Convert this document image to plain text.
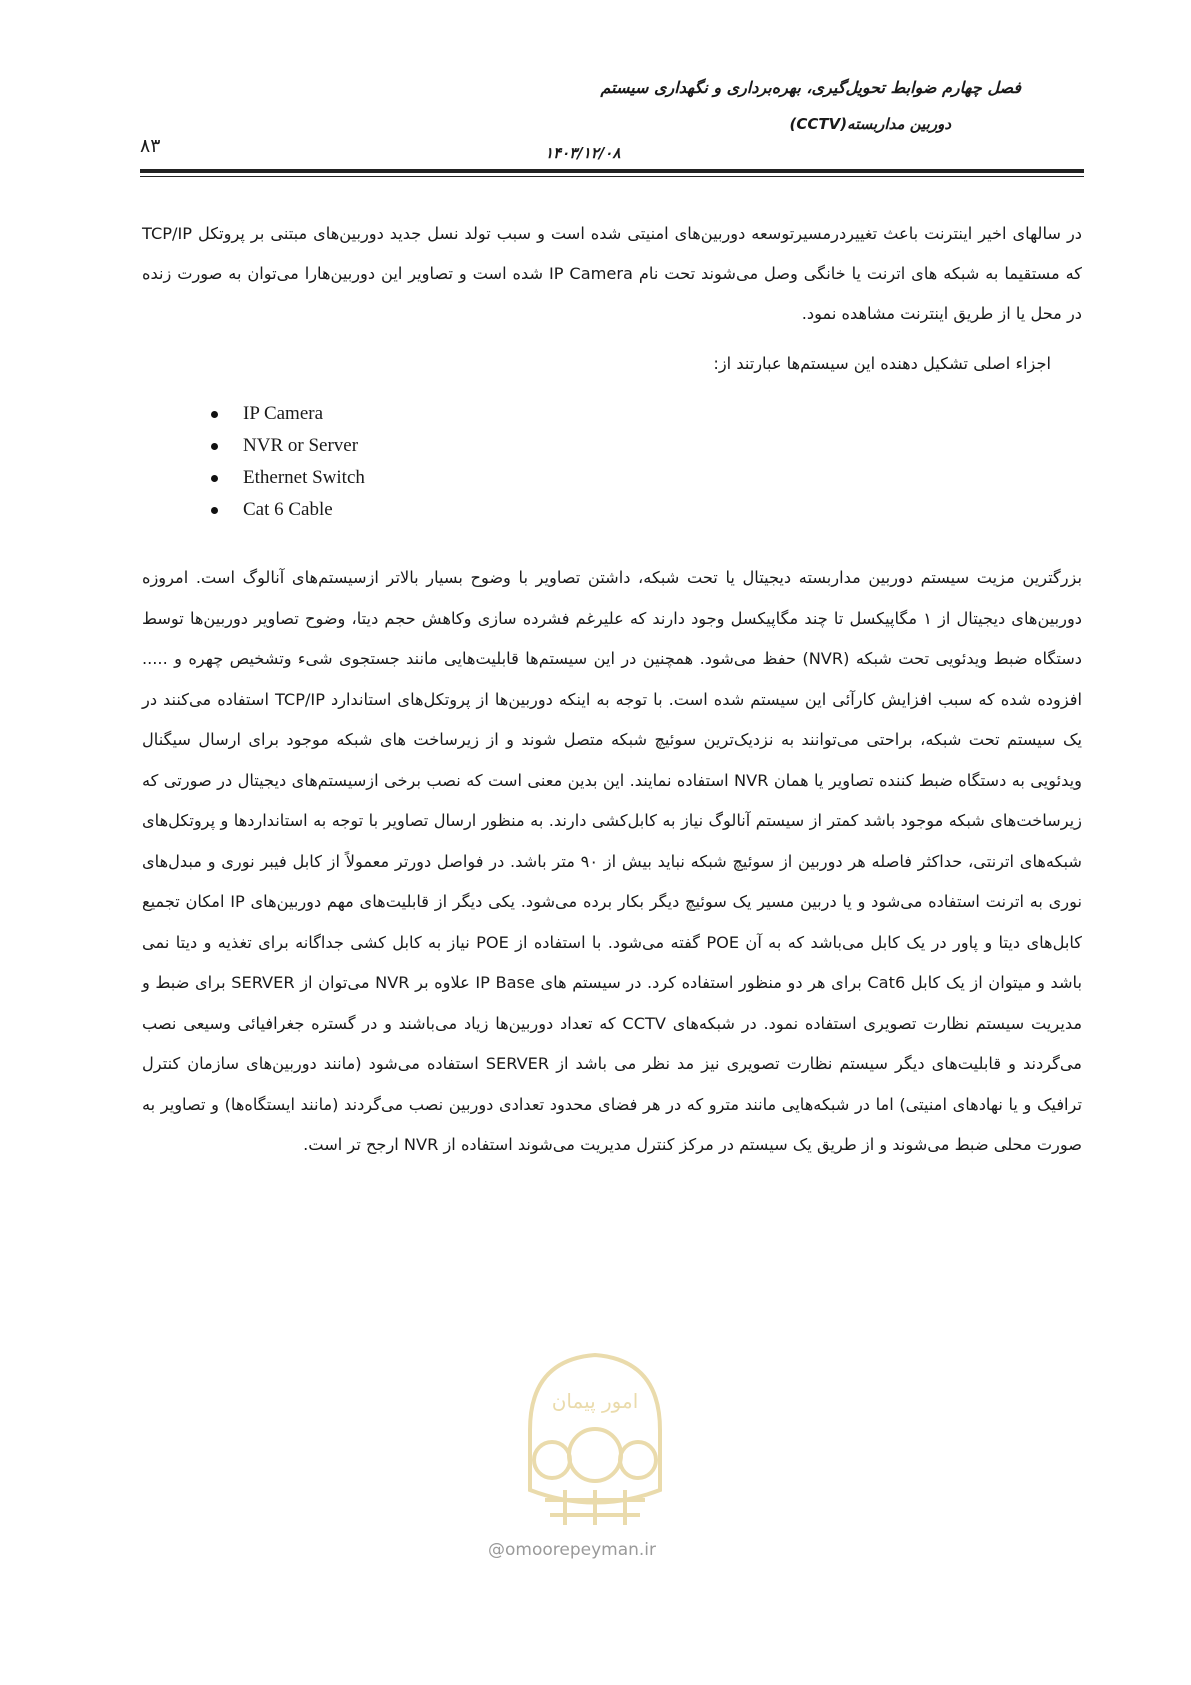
فصل چهارم ضوابط تحویل‌گیری، بهره‌برداری و نگهداری سیستم
دوربین مداربسته(CCTV)
۸۳	۱۴۰۳/۱۲/۰۸

در سالهای اخیر اینترنت باعث تغییردرمسیرتوسعه دوربین‌های امنیتی شده است و سبب تولد نسل جدید دوربین‌های مبتنی بر پروتکل TCP/IP که مستقیما به شبکه های اترنت یا خانگی وصل می‌شوند تحت نام IP Camera شده است و تصاویر این دوربین‌هارا می‌توان به صورت زنده در محل یا از طریق اینترنت مشاهده نمود.

اجزاء اصلی تشکیل دهنده این سیستم‌ها عبارتند از:

IP Camera
NVR or Server
Ethernet Switch
Cat 6 Cable

بزرگترین مزیت سیستم دوربین مداربسته دیجیتال یا تحت شبکه، داشتن تصاویر با وضوح بسیار بالاتر ازسیستم‌های آنالوگ است. امروزه دوربین‌های دیجیتال از ۱ مگاپیکسل تا چند مگاپیکسل وجود دارند که علیرغم فشرده سازی وکاهش حجم دیتا، وضوح تصاویر دوربین‌ها توسط دستگاه ضبط ویدئویی تحت شبکه (NVR) حفظ می‌شود. همچنین در این سیستم‌ها قابلیت‌هایی مانند جستجوی شیء وتشخیص چهره و ..... افزوده شده که سبب افزایش کارآئی این سیستم شده است. با توجه به اینکه دوربین‌ها از پروتکل‌های استاندارد TCP/IP استفاده می‌کنند در یک سیستم تحت شبکه، براحتی می‌توانند به نزدیک‌ترین سوئیچ شبکه متصل شوند و از زیرساخت های شبکه موجود برای ارسال سیگنال ویدئویی به دستگاه ضبط کننده تصاویر یا همان NVR استفاده نمایند. این بدین معنی است که نصب برخی ازسیستم‌های دیجیتال در صورتی که زیرساخت‌های شبکه موجود باشد کمتر از سیستم آنالوگ نیاز به کابل‌کشی دارند. به منظور ارسال تصاویر با توجه به استانداردها و پروتکل‌های شبکه‌های اترنتی، حداکثر فاصله هر دوربین از سوئیچ شبکه نباید بیش از ۹۰ متر باشد. در فواصل دورتر معمولاً از کابل فیبر نوری و مبدل‌های نوری به اترنت استفاده می‌شود و یا دربین مسیر یک سوئیچ دیگر بکار برده می‌شود. یکی دیگر از قابلیت‌های مهم دوربین‌های IP امکان تجمیع کابل‌های دیتا و پاور در یک کابل می‌باشد که به آن POE گفته می‌شود. با استفاده از POE نیاز به کابل کشی جداگانه برای تغذیه و دیتا نمی باشد و میتوان از یک کابل Cat6 برای هر دو منظور استفاده کرد. در سیستم های IP Base علاوه بر NVR می‌توان از SERVER برای ضبط و مدیریت سیستم نظارت تصویری استفاده نمود. در شبکه‌های CCTV که تعداد دوربین‌ها زیاد می‌باشند و در گستره جغرافیائی وسیعی نصب می‌گردند و قابلیت‌های دیگر سیستم نظارت تصویری نیز مد نظر می باشد از SERVER استفاده می‌شود (مانند دوربین‌های سازمان کنترل ترافیک و یا نهادهای امنیتی) اما در شبکه‌هایی مانند مترو که در هر فضای محدود تعدادی دوربین نصب می‌گردند (مانند ایستگاه‌ها) و تصاویر به صورت محلی ضبط می‌شوند و از طریق یک سیستم در مرکز کنترل مدیریت می‌شوند استفاده از NVR ارجح تر است.

امور پیمان
@omoorepeyman.ir
